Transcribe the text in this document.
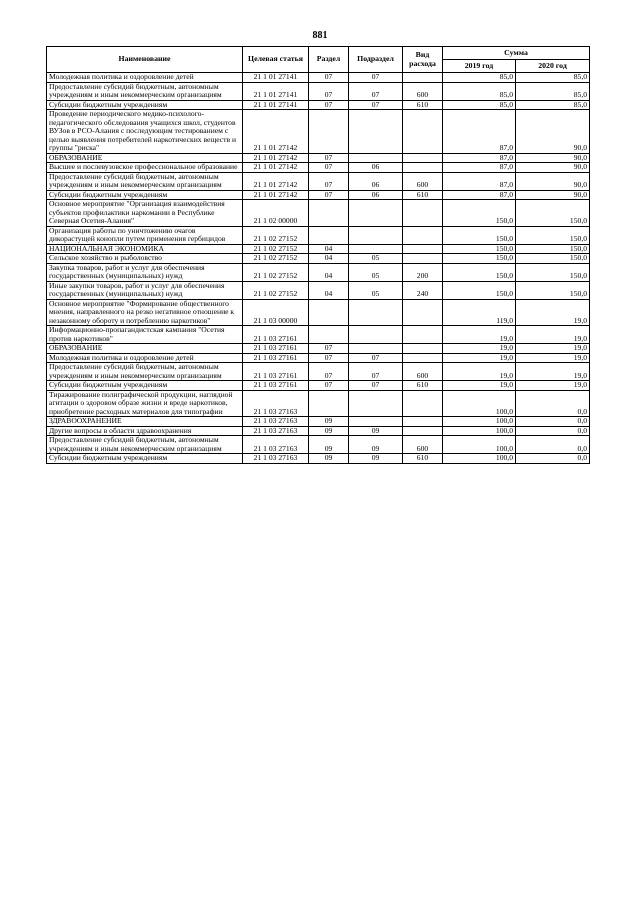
881
Наименование	Целевая статья	Раздел	Подраздел	Вид расхода	Сумма	
					2019 год	2020 год
Молодежная политика и оздоровление детей	21 1 01 27141	07	07		85,0	85,0
Предоставление субсидий бюджетным, автономным учреждениям и иным некоммерческим организациям	21 1 01 27141	07	07	600	85,0	85,0
Субсидии бюджетным учреждениям	21 1 01 27141	07	07	610	85,0	85,0
Проведение периодического медико-психолого-педагогического обследования учащихся школ, студентов ВУЗов в РСО-Алания с последующим тестированием с целью выявления потребителей наркотических веществ и группы "риска"	21 1 01 27142				87,0	90,0
ОБРАЗОВАНИЕ	21 1 01 27142	07			87,0	90,0
Высшее и послевузовское профессиональное образование	21 1 01 27142	07	06		87,0	90,0
Предоставление субсидий бюджетным, автономным учреждениям и иным некоммерческим организациям	21 1 01 27142	07	06	600	87,0	90,0
Субсидии бюджетным учреждениям	21 1 01 27142	07	06	610	87,0	90,0
Основное мероприятие "Организация взаимодействия субъектов профилактики наркомании в Республике Северная Осетия-Алания"	21 1 02 00000				150,0	150,0
Организация работы по уничтожению очагов дикорастущей конопли путем применения гербицидов	21 1 02 27152				150,0	150,0
НАЦИОНАЛЬНАЯ ЭКОНОМИКА	21 1 02 27152	04			150,0	150,0
Сельское хозяйство и рыболовство	21 1 02 27152	04	05		150,0	150,0
Закупка товаров, работ и услуг для обеспечения государственных (муниципальных) нужд	21 1 02 27152	04	05	200	150,0	150,0
Иные закупки товаров, работ и услуг для обеспечения государственных (муниципальных) нужд	21 1 02 27152	04	05	240	150,0	150,0
Основное мероприятие "Формирование общественного мнения, направленного на резко негативное отношение к незаконному обороту и потреблению наркотиков"	21 1 03 00000				119,0	19,0
Информационно-пропагандистская кампания "Осетия против наркотиков"	21 1 03 27161				19,0	19,0
ОБРАЗОВАНИЕ	21 1 03 27161	07			19,0	19,0
Молодежная политика и оздоровление детей	21 1 03 27161	07	07		19,0	19,0
Предоставление субсидий бюджетным, автономным учреждениям и иным некоммерческим организациям	21 1 03 27161	07	07	600	19,0	19,0
Субсидии бюджетным учреждениям	21 1 03 27161	07	07	610	19,0	19,0
Тиражирование полиграфической продукции, наглядной агитации о здоровом образе жизни и вреде наркотиков, приобретение расходных материалов для типографии	21 1 03 27163				100,0	0,0
ЗДРАВООХРАНЕНИЕ	21 1 03 27163	09			100,0	0,0
Другие вопросы в области здравоохранения	21 1 03 27163	09	09		100,0	0,0
Предоставление субсидий бюджетным, автономным учреждениям и иным некоммерческим организациям	21 1 03 27163	09	09	600	100,0	0,0
Субсидии бюджетным учреждениям	21 1 03 27163	09	09	610	100,0	0,0
